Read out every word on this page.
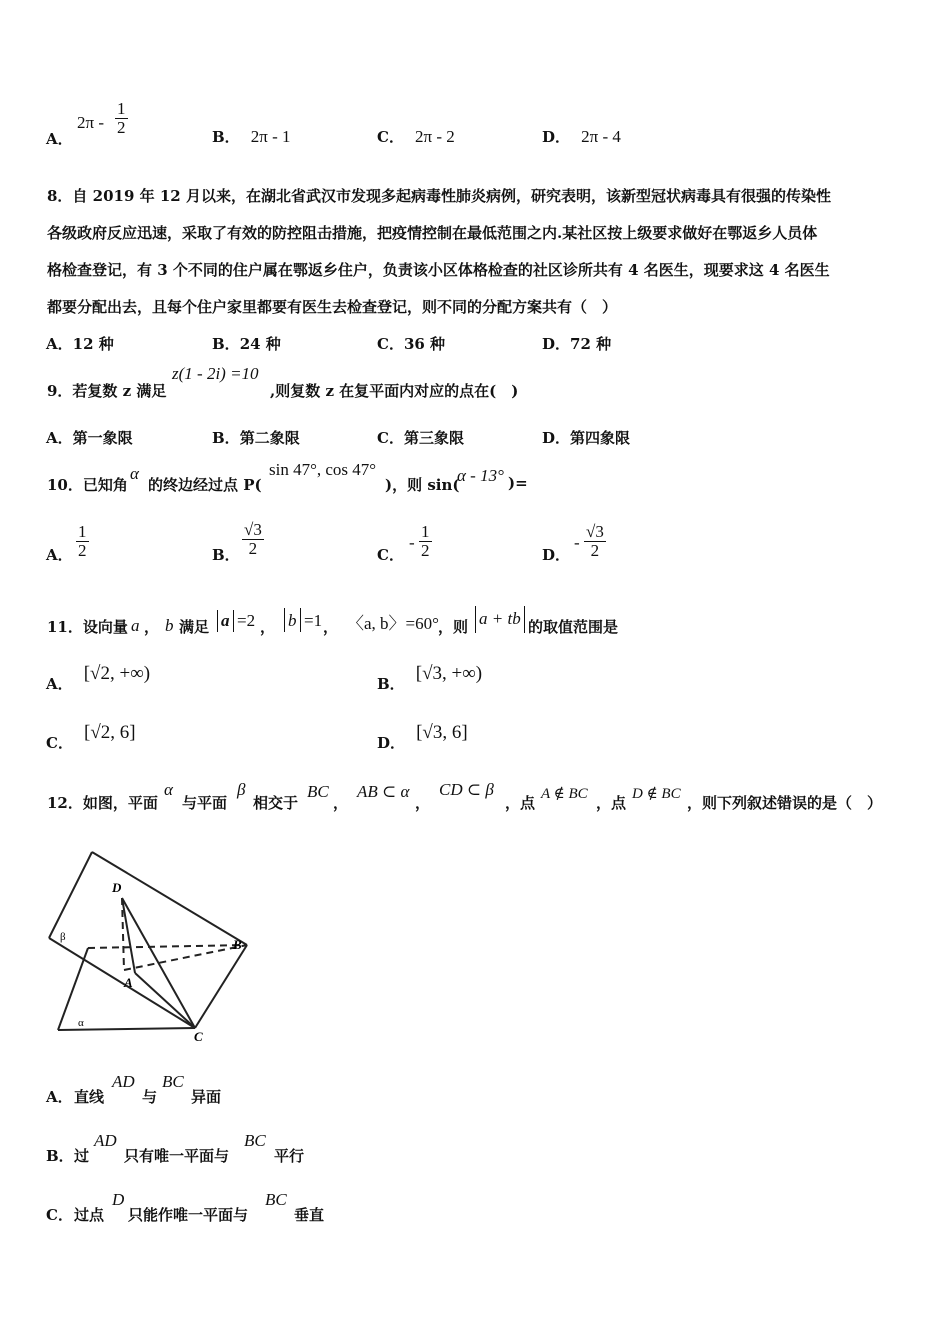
A．
$2\pi - \frac{1}{2}$	B． 2π - 1	C． 2π - 2	D． 2π - 4
8．自 2019 年 12 月以来，在湖北省武汉市发现多起病毒性肺炎病例，研究表明，该新型冠状病毒具有很强的传染性
各级政府反应迅速，采取了有效的防控阻击措施，把疫情控制在最低范围之内.某社区按上级要求做好在鄂返乡人员体
格检查登记，有 3 个不同的住户属在鄂返乡住户，负责该小区体格检查的社区诊所共有 4 名医生，现要求这 4 名医生
都要分配出去，且每个住户家里都要有医生去检查登记，则不同的分配方案共有（　）
A．12 种	B．24 种	C．36 种	D．72 种
9．若复数 z 满足
z(1 - 2i) =10
,则复数 z 在复平面内对应的点在(　)
A．第一象限	B．第二象限	C．第三象限	D．第四象限
10．已知角
α
的终边经过点 P(
sin 47°, cos 47°
)，则 sin(
α - 13° )=
A． $\frac{1}{2}$	B． $\frac{√3}{2}$	C．
- $\frac{1}{2}$	D．
- $\frac{√3}{2}$
11．设向量 a ， b 满足 a =2 ， b =1 ， 〈a, b〉=60° ，则 a + tb 的取值范围是
A． [√2, +∞)	B． [√3, +∞)
C． [√2, 6]	D． [√3, 6]
12．如图，平面
α
与平面
β
相交于
BC
，
AB ⊂ α
，
CD ⊂ β
，点 A ∉ BC ，点 D ∉ BC ，则下列叙述错误的是（　）
D
B
A
C
β
α
A． 直线
AD
与
BC
异面
B． 过
AD
只有唯一平面与
BC
平行
C． 过点
D
只能作唯一平面与
BC
垂直
